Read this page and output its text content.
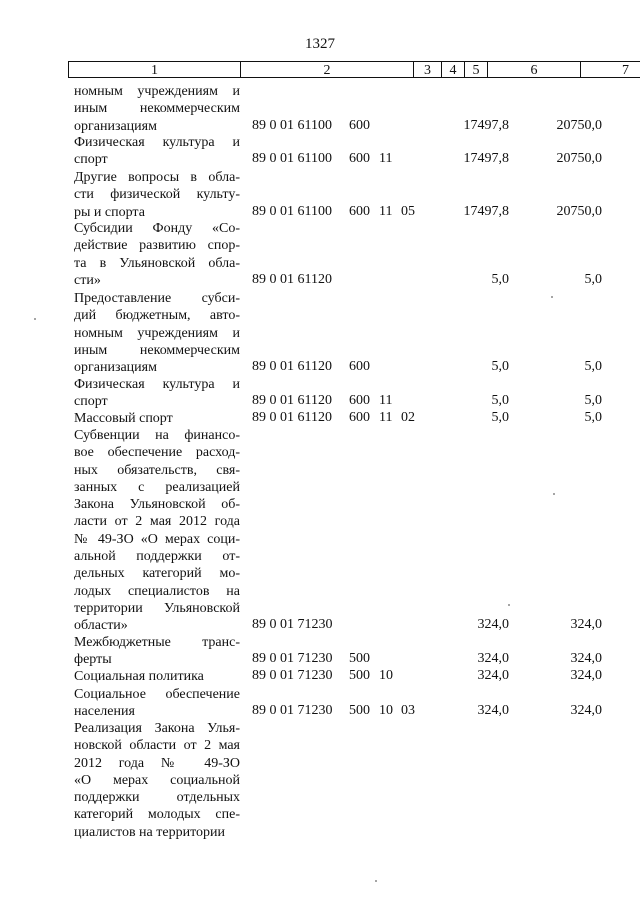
1327
1	2	3	4	5	6	7
номным учреждениям и
иным некоммерческим
организациям	89 0 01 61100	600	17497,8	20750,0
Физическая культура и
спорт	89 0 01 61100	600 11	17497,8	20750,0
Другие вопросы в обла-
сти физической культу-
ры и спорта	89 0 01 61100	600 11 05	17497,8	20750,0
Субсидии Фонду «Со-
действие развитию спор-
та в Ульяновской обла-
сти»	89 0 01 61120	5,0	5,0
Предоставление субси-
дий бюджетным, авто-
номным учреждениям и
иным некоммерческим
организациям	89 0 01 61120	600	5,0	5,0
Физическая культура и
спорт	89 0 01 61120	600 11	5,0	5,0
Массовый спорт	89 0 01 61120	600 11 02	5,0	5,0
Субвенции на финансо-
вое обеспечение расход-
ных обязательств, свя-
занных с реализацией
Закона Ульяновской об-
ласти от 2 мая 2012 года
№ 49-ЗО «О мерах соци-
альной поддержки от-
дельных категорий мо-
лодых специалистов на
территории Ульяновской
области»	89 0 01 71230	324,0	324,0
Межбюджетные транс-
ферты	89 0 01 71230	500	324,0	324,0
Социальная политика	89 0 01 71230	500 10	324,0	324,0
Социальное обеспечение
населения	89 0 01 71230	500 10 03	324,0	324,0
Реализация Закона Улья-
новской области от 2 мая
2012 года № 49-ЗО
«О мерах социальной
поддержки отдельных
категорий молодых спе-
циалистов на территории
